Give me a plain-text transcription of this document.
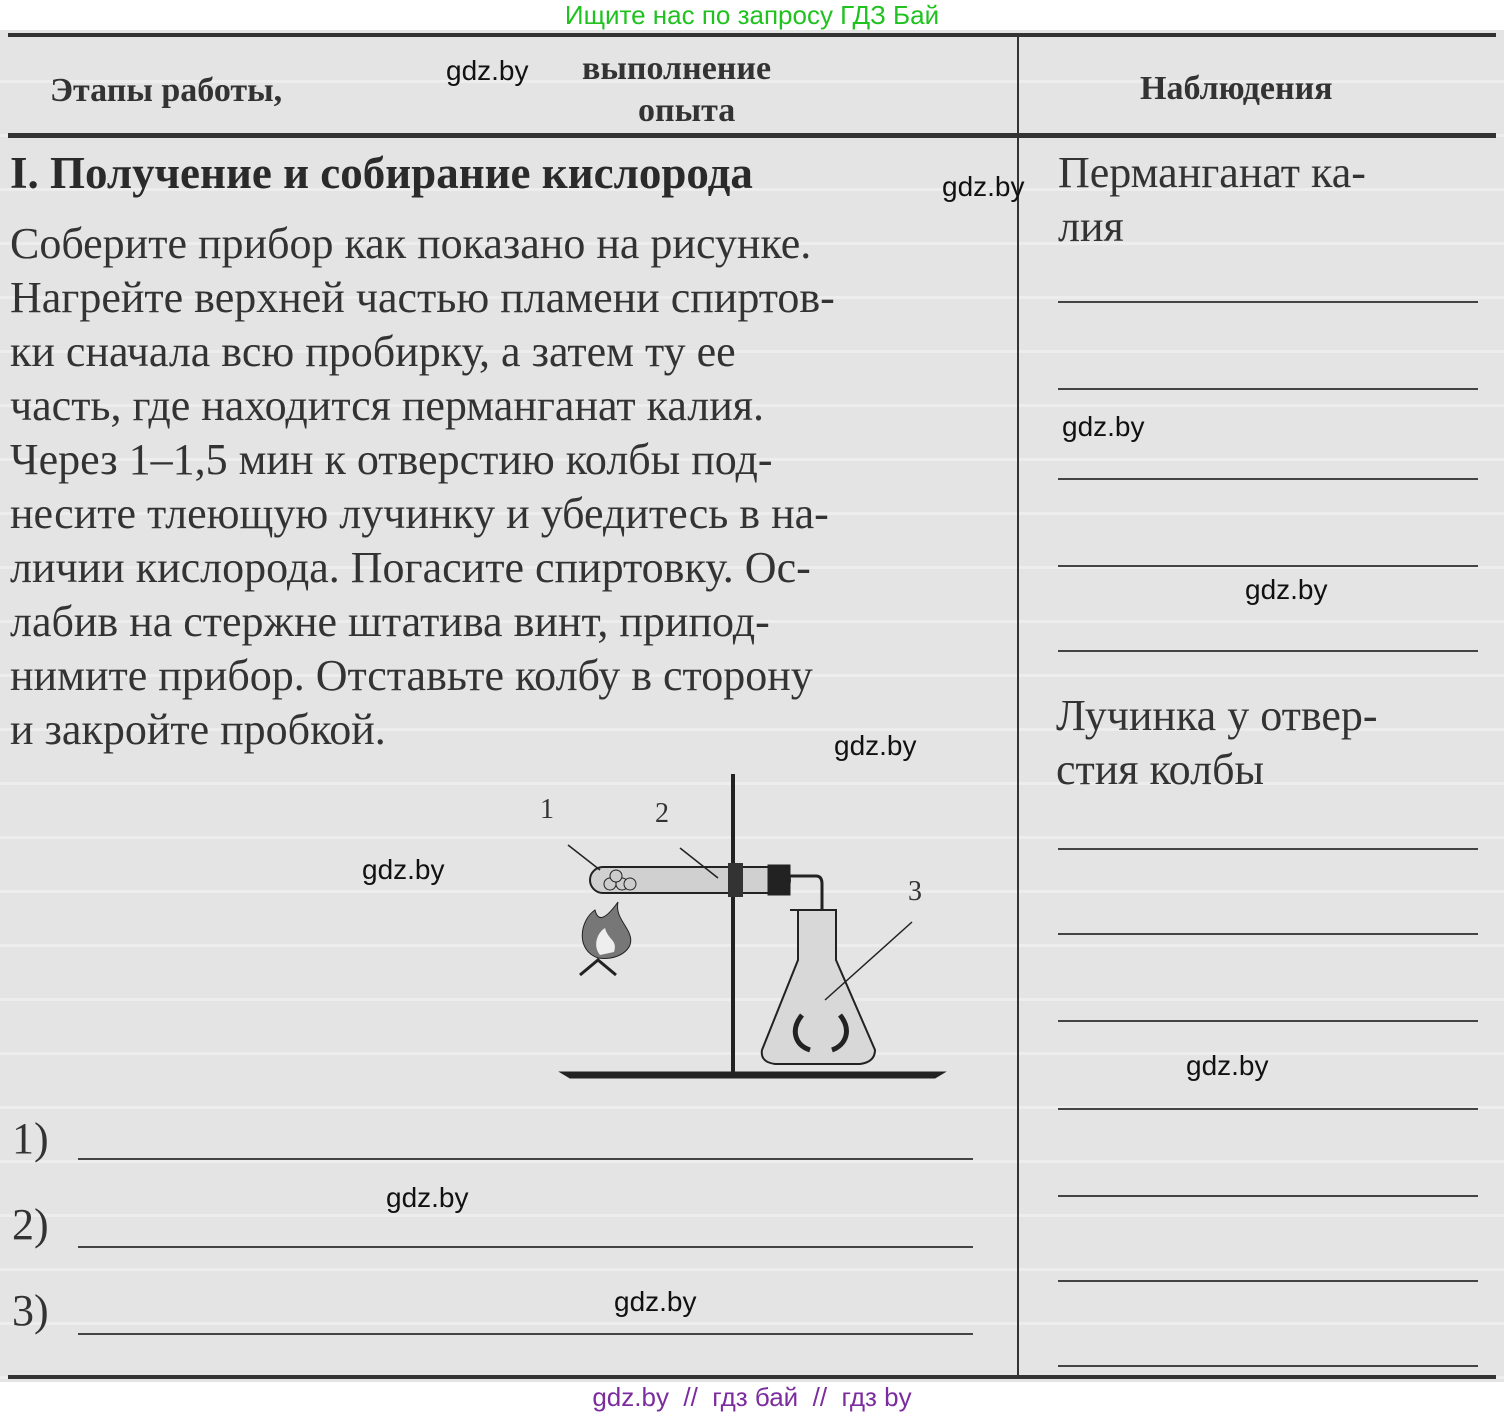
Ищите нас по запросу ГДЗ Бай
Этапы работы,
выполнение
опыта
Наблюдения
I. Получение и собирание кислорода
Соберите прибор как показано на рисунке.
Нагрейте верхней частью пламени спиртов-
ки сначала всю пробирку, а затем ту ее
часть, где находится перманганат калия.
Через 1–1,5 мин к отверстию колбы под-
несите тлеющую лучинку и убедитесь в на-
личии кислорода. Погасите спиртовку. Ос-
лабив на стержне штатива винт, припод-
нимите прибор. Отставьте колбу в сторону
и закройте пробкой.
1	2
3
1)
2)
3)
Перманганат ка-
лия
Лучинка у отвер-
стия колбы
gdz.by
gdz.by
gdz.by
gdz.by
gdz.by
gdz.by
gdz.by
gdz.by
gdz.by
gdz.by  //  гдз бай  //  гдз by
